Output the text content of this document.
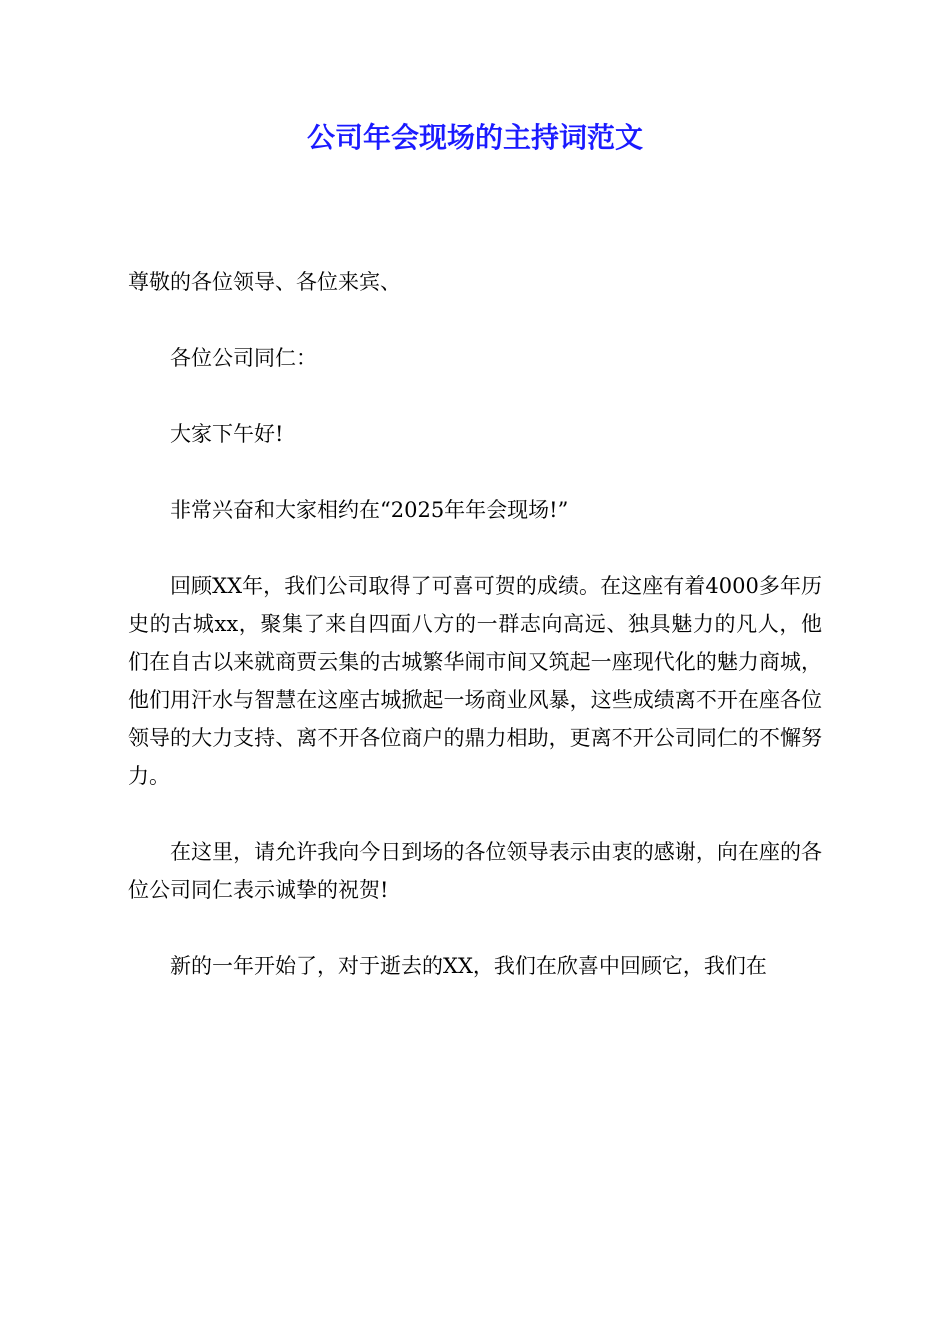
公司年会现场的主持词范文

尊敬的各位领导、各位来宾、

各位公司同仁：

大家下午好!

非常兴奋和大家相约在“2025年年会现场!”

回顾XX年，我们公司取得了可喜可贺的成绩。在这座有着4000多年历史的古城xx，聚集了来自四面八方的一群志向高远、独具魅力的凡人，他们在自古以来就商贾云集的古城繁华闹市间又筑起一座现代化的魅力商城，他们用汗水与智慧在这座古城掀起一场商业风暴，这些成绩离不开在座各位领导的大力支持、离不开各位商户的鼎力相助，更离不开公司同仁的不懈努力。

在这里，请允许我向今日到场的各位领导表示由衷的感谢，向在座的各位公司同仁表示诚挚的祝贺!

新的一年开始了，对于逝去的XX，我们在欣喜中回顾它，我们在
